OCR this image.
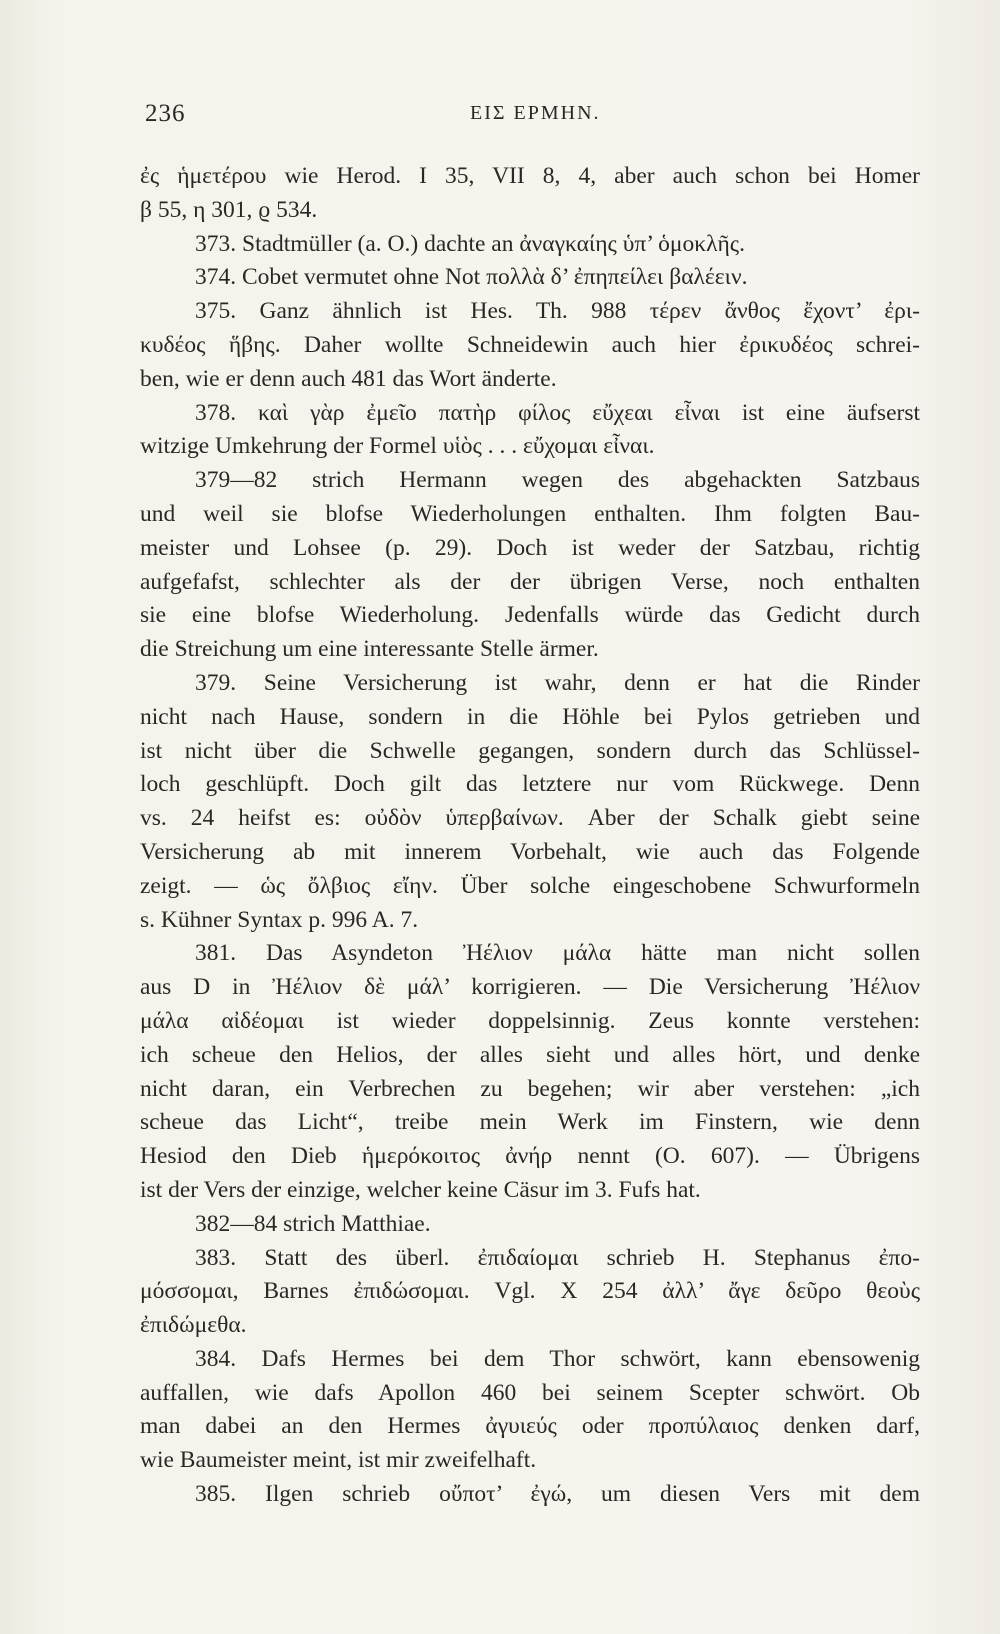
236	ΕΙΣ ΕΡΜΗΝ.
ἐς ἡμετέρου wie Herod. I 35, VII 8, 4, aber auch schon bei Homer
β 55, η 301, ϱ 534.
373. Stadtmüller (a. O.) dachte an ἀναγκαίης ὑπ’ ὁμοκλῆς.
374. Cobet vermutet ohne Not πολλὰ δ’ ἐπηπείλει βαλέειν.
375. Ganz ähnlich ist Hes. Th. 988 τέρεν ἄνθος ἔχοντ’ ἐρι-
κυδέος ἥβης. Daher wollte Schneidewin auch hier ἐρικυδέος schrei-
ben, wie er denn auch 481 das Wort änderte.
378. καὶ γὰρ ἐμεῖο πατὴρ φίλος εὔχεαι εἶναι ist eine äufserst
witzige Umkehrung der Formel υἱὸς . . . εὔχομαι εἶναι.
379—82 strich Hermann wegen des abgehackten Satzbaus
und weil sie blofse Wiederholungen enthalten. Ihm folgten Bau-
meister und Lohsee (p. 29). Doch ist weder der Satzbau, richtig
aufgefafst, schlechter als der der übrigen Verse, noch enthalten
sie eine blofse Wiederholung. Jedenfalls würde das Gedicht durch
die Streichung um eine interessante Stelle ärmer.
379. Seine Versicherung ist wahr, denn er hat die Rinder
nicht nach Hause, sondern in die Höhle bei Pylos getrieben und
ist nicht über die Schwelle gegangen, sondern durch das Schlüssel-
loch geschlüpft. Doch gilt das letztere nur vom Rückwege. Denn
vs. 24 heifst es: οὐδὸν ὑπερβαίνων. Aber der Schalk giebt seine
Versicherung ab mit innerem Vorbehalt, wie auch das Folgende
zeigt. — ὡς ὄλβιος εἴην. Über solche eingeschobene Schwurformeln
s. Kühner Syntax p. 996 A. 7.
381. Das Asyndeton Ἠέλιον μάλα hätte man nicht sollen
aus D in Ἠέλιον δὲ μάλ’ korrigieren. — Die Versicherung Ἠέλιον
μάλα αἰδέομαι ist wieder doppelsinnig. Zeus konnte verstehen:
ich scheue den Helios, der alles sieht und alles hört, und denke
nicht daran, ein Verbrechen zu begehen; wir aber verstehen: „ich
scheue das Licht“, treibe mein Werk im Finstern, wie denn
Hesiod den Dieb ἡμερόκοιτος ἀνήρ nennt (O. 607). — Übrigens
ist der Vers der einzige, welcher keine Cäsur im 3. Fufs hat.
382—84 strich Matthiae.
383. Statt des überl. ἐπιδαίομαι schrieb H. Stephanus ἐπο-
μόσσομαι, Barnes ἐπιδώσομαι. Vgl. X 254 ἀλλ’ ἄγε δεῦρο θεοὺς
ἐπιδώμεθα.
384. Dafs Hermes bei dem Thor schwört, kann ebensowenig
auffallen, wie dafs Apollon 460 bei seinem Scepter schwört. Ob
man dabei an den Hermes ἀγυιεύς oder προπύλαιος denken darf,
wie Baumeister meint, ist mir zweifelhaft.
385. Ilgen schrieb οὔποτ’ ἐγώ, um diesen Vers mit dem
